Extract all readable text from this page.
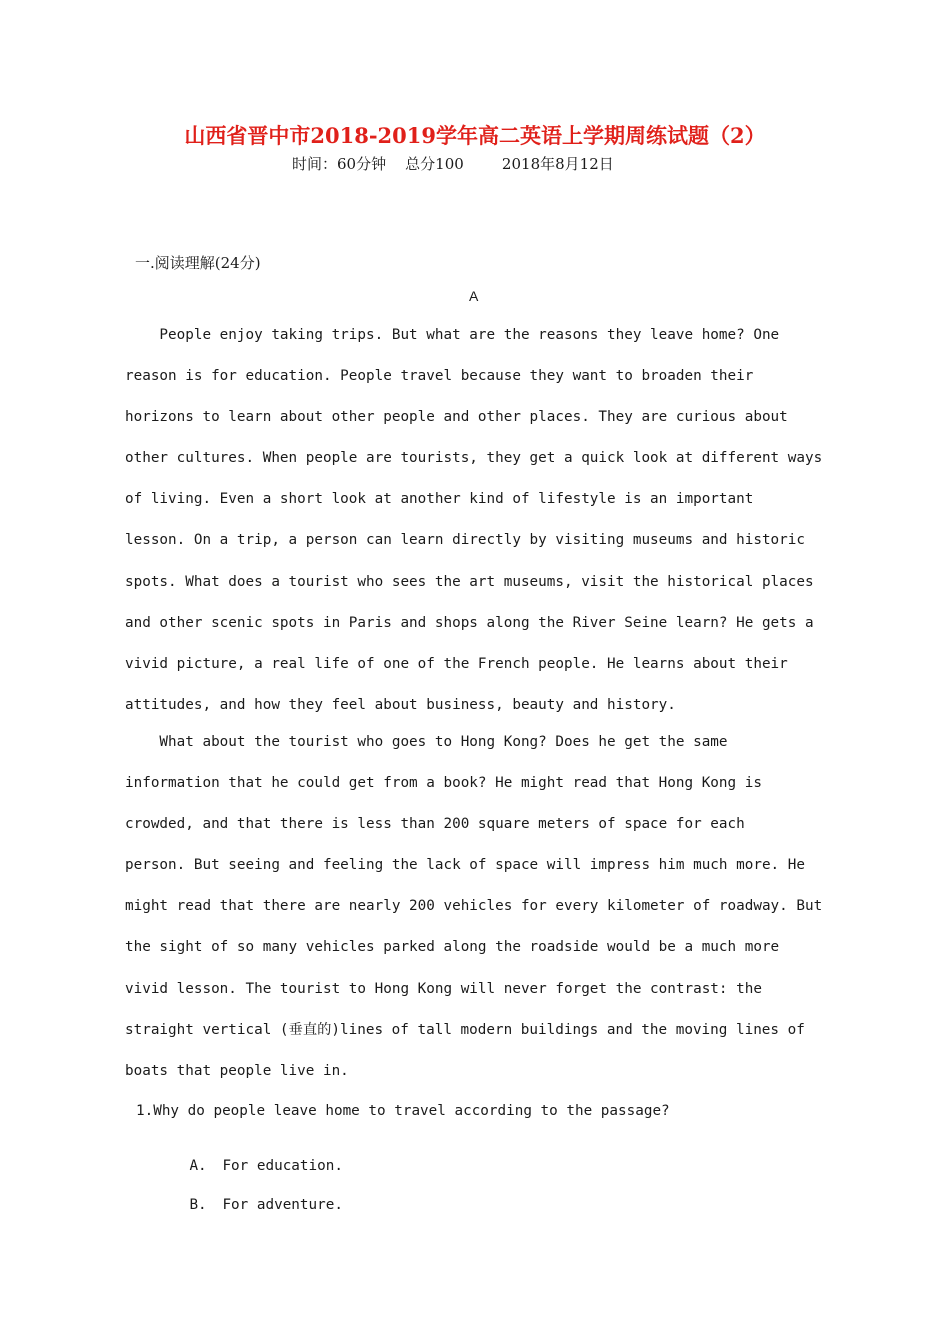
山西省晋中市2018-2019学年高二英语上学期周练试题（2）
时间：60分钟    总分100        2018年8月12日
一.阅读理解(24分)
A
People enjoy taking trips. But what are the reasons they leave home? One
reason is for education. People travel because they want to broaden their
horizons to learn about other people and other places. They are curious about
other cultures. When people are tourists, they get a quick look at different ways
of living. Even a short look at another kind of lifestyle is an important
lesson. On a trip, a person can learn directly by visiting museums and historic
spots. What does a tourist who sees the art museums, visit the historical places
and other scenic spots in Paris and shops along the River Seine learn? He gets a
vivid picture, a real life of one of the French people. He learns about their
attitudes, and how they feel about business, beauty and history.
What about the tourist who goes to Hong Kong? Does he get the same
information that he could get from a book? He might read that Hong Kong is
crowded, and that there is less than 200 square meters of space for each
person. But seeing and feeling the lack of space will impress him much more. He
might read that there are nearly 200 vehicles for every kilometer of roadway. But
the sight of so many vehicles parked along the roadside would be a much more
vivid lesson. The tourist to Hong Kong will never forget the contrast: the
straight vertical (垂直的)lines of tall modern buildings and the moving lines of
boats that people live in.
1.Why do people leave home to travel according to the passage?

A. For education.

B. For adventure.
